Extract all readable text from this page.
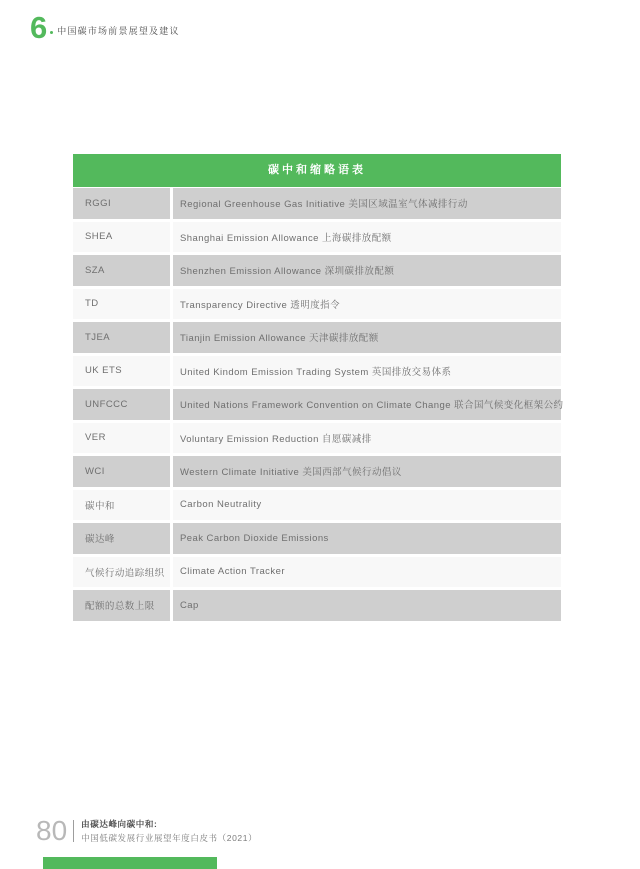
6 中国碳市场前景展望及建议
碳中和缩略语表
RGGI	Regional Greenhouse Gas Initiative 美国区域温室气体减排行动
SHEA	Shanghai Emission Allowance 上海碳排放配额
SZA	Shenzhen Emission Allowance 深圳碳排放配额
TD	Transparency Directive 透明度指令
TJEA	Tianjin Emission Allowance 天津碳排放配额
UK ETS	United Kindom Emission Trading System 英国排放交易体系
UNFCCC	United Nations Framework Convention on Climate Change 联合国气候变化框架公约
VER	Voluntary Emission Reduction 自愿碳减排
WCI	Western Climate Initiative 美国西部气候行动倡议
碳中和	Carbon Neutrality
碳达峰	Peak Carbon Dioxide Emissions
气候行动追踪组织	Climate Action Tracker
配额的总数上限	Cap
80 由碳达峰向碳中和:
中国低碳发展行业展望年度白皮书（2021）
